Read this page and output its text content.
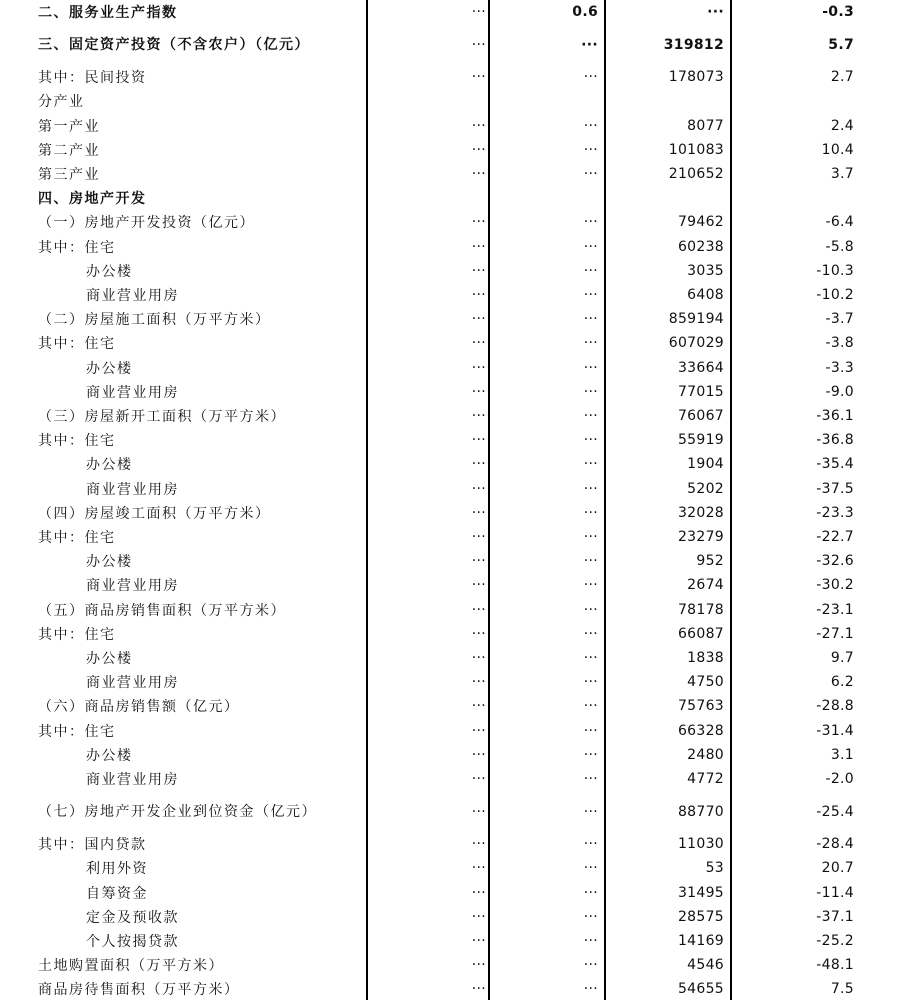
二、服务业生产指数	···	0.6	···	-0.3
三、固定资产投资（不含农户）（亿元）	···	···	319812	5.7
其中：民间投资	···	···	178073	2.7
分产业
第一产业	···	···	8077	2.4
第二产业	···	···	101083	10.4
第三产业	···	···	210652	3.7
四、房地产开发
（一）房地产开发投资（亿元）	···	···	79462	-6.4
其中：住宅	···	···	60238	-5.8
办公楼	···	···	3035	-10.3
商业营业用房	···	···	6408	-10.2
（二）房屋施工面积（万平方米）	···	···	859194	-3.7
其中：住宅	···	···	607029	-3.8
办公楼	···	···	33664	-3.3
商业营业用房	···	···	77015	-9.0
（三）房屋新开工面积（万平方米）	···	···	76067	-36.1
其中：住宅	···	···	55919	-36.8
办公楼	···	···	1904	-35.4
商业营业用房	···	···	5202	-37.5
（四）房屋竣工面积（万平方米）	···	···	32028	-23.3
其中：住宅	···	···	23279	-22.7
办公楼	···	···	952	-32.6
商业营业用房	···	···	2674	-30.2
（五）商品房销售面积（万平方米）	···	···	78178	-23.1
其中：住宅	···	···	66087	-27.1
办公楼	···	···	1838	9.7
商业营业用房	···	···	4750	6.2
（六）商品房销售额（亿元）	···	···	75763	-28.8
其中：住宅	···	···	66328	-31.4
办公楼	···	···	2480	3.1
商业营业用房	···	···	4772	-2.0
（七）房地产开发企业到位资金（亿元）	···	···	88770	-25.4
其中：国内贷款	···	···	11030	-28.4
利用外资	···	···	53	20.7
自筹资金	···	···	31495	-11.4
定金及预收款	···	···	28575	-37.1
个人按揭贷款	···	···	14169	-25.2
土地购置面积（万平方米）	···	···	4546	-48.1
商品房待售面积（万平方米）	···	···	54655	7.5
